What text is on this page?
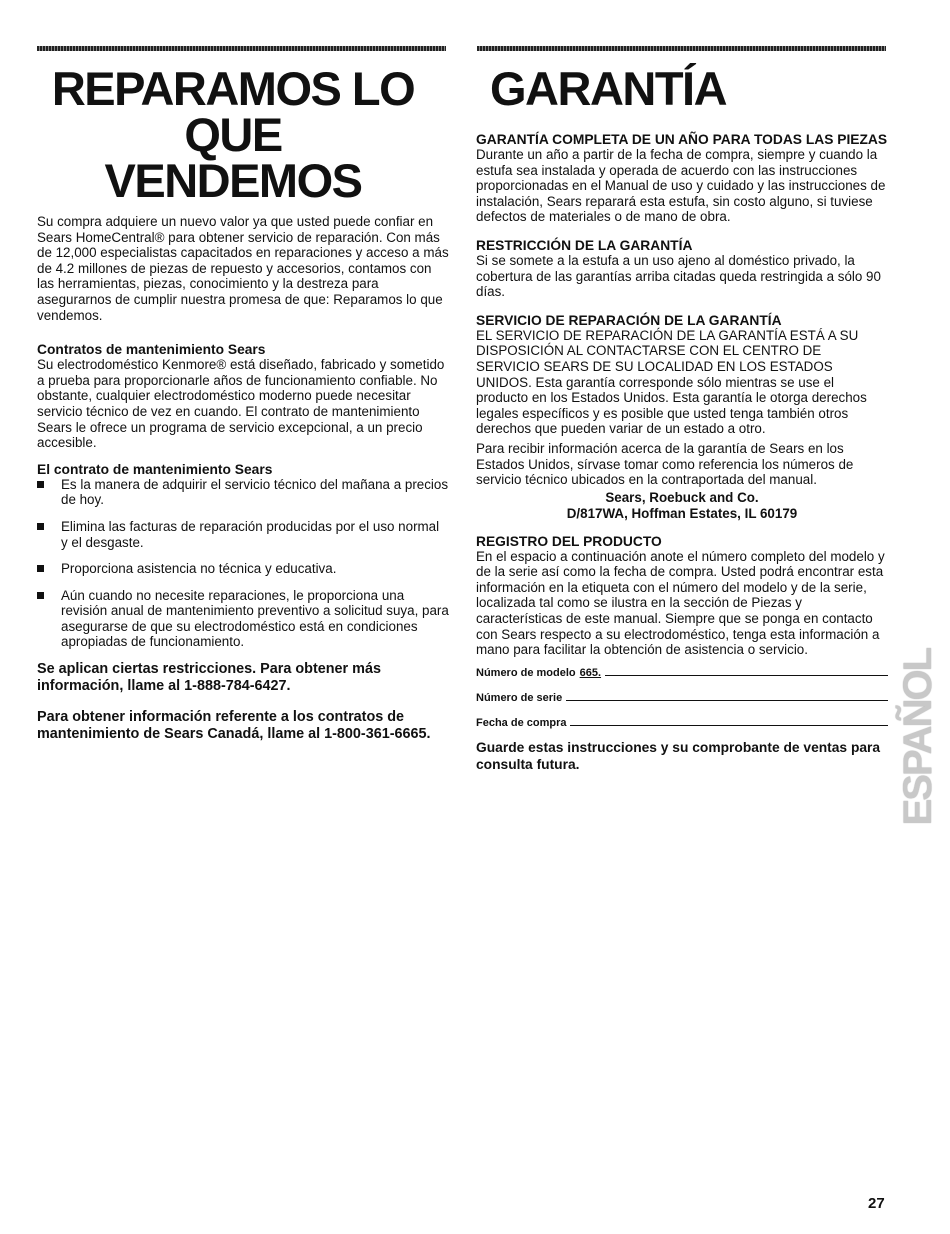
REPARAMOS LO QUE
VENDEMOS

Su compra adquiere un nuevo valor ya que usted puede confiar en Sears HomeCentral® para obtener servicio de reparación. Con más de 12,000 especialistas capacitados en reparaciones y acceso a más de 4.2 millones de piezas de repuesto y accesorios, contamos con las herramientas, piezas, conocimiento y la destreza para asegurarnos de cumplir nuestra promesa de que: Reparamos lo que vendemos.

Contratos de mantenimiento Sears

Su electrodoméstico Kenmore® está diseñado, fabricado y sometido a prueba para proporcionarle años de funcionamiento confiable. No obstante, cualquier electrodoméstico moderno puede necesitar servicio técnico de vez en cuando. El contrato de mantenimiento Sears le ofrece un programa de servicio excepcional, a un precio accesible.

El contrato de mantenimiento Sears

Es la manera de adquirir el servicio técnico del mañana a precios de hoy.
Elimina las facturas de reparación producidas por el uso normal y el desgaste.
Proporciona asistencia no técnica y educativa.
Aún cuando no necesite reparaciones, le proporciona una revisión anual de mantenimiento preventivo a solicitud suya, para asegurarse de que su electrodoméstico está en condiciones apropiadas de funcionamiento.

Se aplican ciertas restricciones. Para obtener más información, llame al 1-888-784-6427.

Para obtener información referente a los contratos de mantenimiento de Sears Canadá, llame al 1-800-361-6665.

GARANTÍA

GARANTÍA COMPLETA DE UN AÑO PARA TODAS LAS PIEZAS

Durante un año a partir de la fecha de compra, siempre y cuando la estufa sea instalada y operada de acuerdo con las instrucciones proporcionadas en el Manual de uso y cuidado y las instrucciones de instalación, Sears reparará esta estufa, sin costo alguno, si tuviese defectos de materiales o de mano de obra.

RESTRICCIÓN DE LA GARANTÍA

Si se somete a la estufa a un uso ajeno al doméstico privado, la cobertura de las garantías arriba citadas queda restringida a sólo 90 días.

SERVICIO DE REPARACIÓN DE LA GARANTÍA

EL SERVICIO DE REPARACIÓN DE LA GARANTÍA ESTÁ A SU DISPOSICIÓN AL CONTACTARSE CON EL CENTRO DE SERVICIO SEARS DE SU LOCALIDAD EN LOS ESTADOS UNIDOS. Esta garantía corresponde sólo mientras se use el producto en los Estados Unidos. Esta garantía le otorga derechos legales específicos y es posible que usted tenga también otros derechos que pueden variar de un estado a otro.

Para recibir información acerca de la garantía de Sears en los Estados Unidos, sírvase tomar como referencia los números de servicio técnico ubicados en la contraportada del manual.

Sears, Roebuck and Co.

D/817WA, Hoffman Estates, IL 60179

REGISTRO DEL PRODUCTO

En el espacio a continuación anote el número completo del modelo y de la serie así como la fecha de compra. Usted podrá encontrar esta información en la etiqueta con el número del modelo y de la serie, localizada tal como se ilustra en la sección de Piezas y características de este manual. Siempre que se ponga en contacto con Sears respecto a su electrodoméstico, tenga esta información a mano para facilitar la obtención de asistencia o servicio.

Número de modelo 665.
Número de serie
Fecha de compra

Guarde estas instrucciones y su comprobante de ventas para consulta futura.	ESPAÑOL
27
